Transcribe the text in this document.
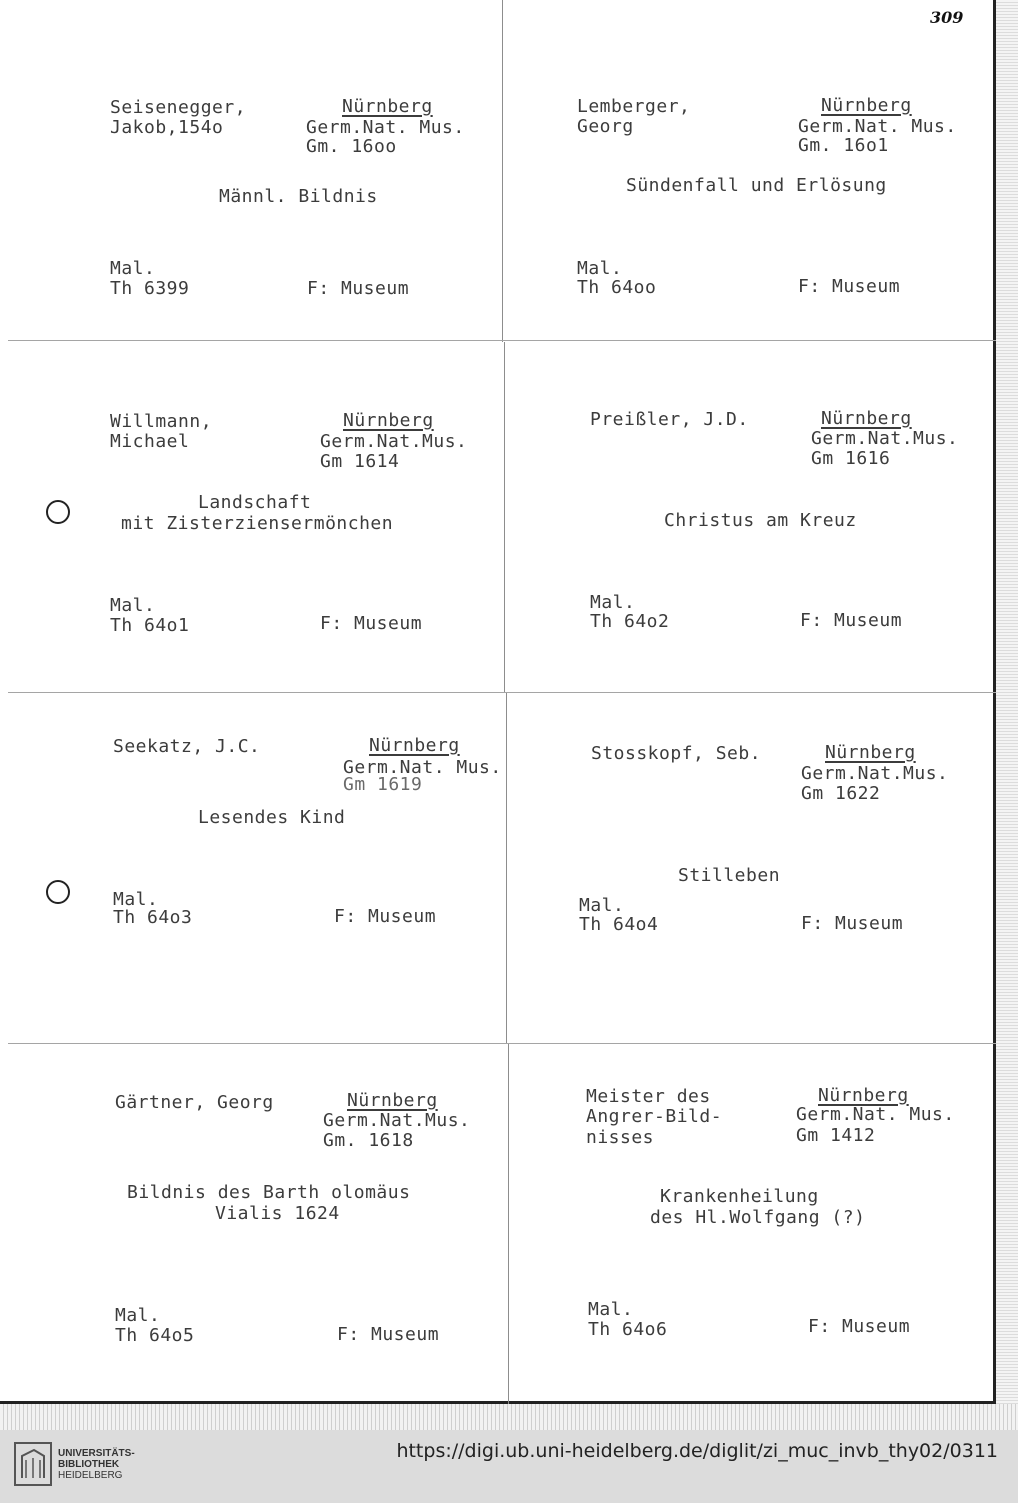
309
Seisenegger,
Jakob,154o
Nürnberg
Germ.Nat. Mus.
Gm. 16oo
Männl. Bildnis
Mal.
Th 6399	F: Museum
Lemberger,
Georg
Nürnberg
Germ.Nat. Mus.
Gm. 16o1
Sündenfall und Erlösung
Mal.
Th 64oo	F: Museum
Willmann,
Michael
Nürnberg
Germ.Nat.Mus.
Gm 1614
Landschaft
mit Zisterziensermönchen
Mal.
Th 64o1	F: Museum
Preißler, J.D.	Nürnberg
Germ.Nat.Mus.
Gm 1616
Christus am Kreuz
Mal.
Th 64o2	F: Museum
Seekatz, J.C.	Nürnberg
Germ.Nat. Mus.
Gm 1619
Lesendes Kind
Mal.
Th 64o3	F: Museum
Stosskopf, Seb.	Nürnberg
Germ.Nat.Mus.
Gm 1622
Stilleben
Mal.
Th 64o4	F: Museum
Gärtner, Georg	Nürnberg
Germ.Nat.Mus.
Gm. 1618
Bildnis des Barth olomäus
Vialis 1624
Mal.
Th 64o5	F: Museum
Meister des
Angrer-Bild-
nisses
Nürnberg
Germ.Nat. Mus.
Gm 1412
Krankenheilung
des Hl.Wolfgang (?)
Mal.
Th 64o6	F: Museum
UNIVERSITÄTS-
BIBLIOTHEK
HEIDELBERG
https://digi.ub.uni-heidelberg.de/diglit/zi_muc_invb_thy02/0311
